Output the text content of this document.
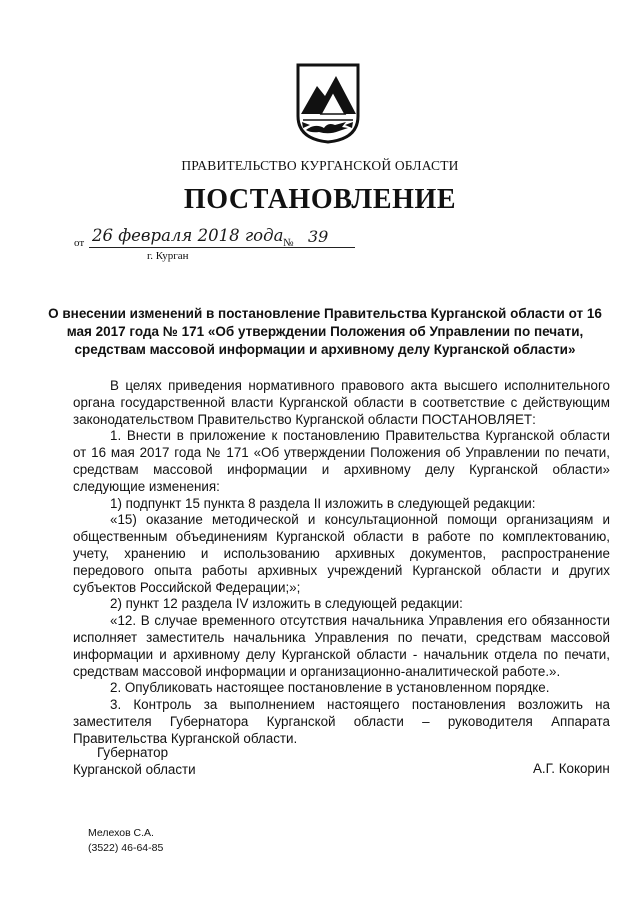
ПРАВИТЕЛЬСТВО КУРГАНСКОЙ ОБЛАСТИ
ПОСТАНОВЛЕНИЕ
от 26 февраля 2018 года № 39
г. Курган
О внесении изменений в постановление Правительства Курганской области от 16 мая 2017 года № 171 «Об утверждении Положения об Управлении по печати, средствам массовой информации и архивному делу Курганской области»

В целях приведения нормативного правового акта высшего исполнительного органа государственной власти Курганской области в соответствие с действующим законодательством Правительство Курганской области ПОСТАНОВЛЯЕТ:

1. Внести в приложение к постановлению Правительства Курганской области от 16 мая 2017 года № 171 «Об утверждении Положения об Управлении по печати, средствам массовой информации и архивному делу Курганской области» следующие изменения:

1) подпункт 15 пункта 8 раздела II изложить в следующей редакции:

«15) оказание методической и консультационной помощи организациям и общественным объединениям Курганской области в работе по комплектованию, учету, хранению и использованию архивных документов, распространение передового опыта работы архивных учреждений Курганской области и других субъектов Российской Федерации;»;

2) пункт 12 раздела IV изложить в следующей редакции:

«12. В случае временного отсутствия начальника Управления его обязанности исполняет заместитель начальника Управления по печати, средствам массовой информации и архивному делу Курганской области - начальник отдела по печати, средствам массовой информации и организационно-аналитической работе.».

2. Опубликовать настоящее постановление в установленном порядке.

3. Контроль за выполнением настоящего постановления возложить на заместителя Губернатора Курганской области – руководителя Аппарата Правительства Курганской области.

Губернатор
Курганской области	А.Г. Кокорин
Мелехов С.А.
(3522) 46-64-85
